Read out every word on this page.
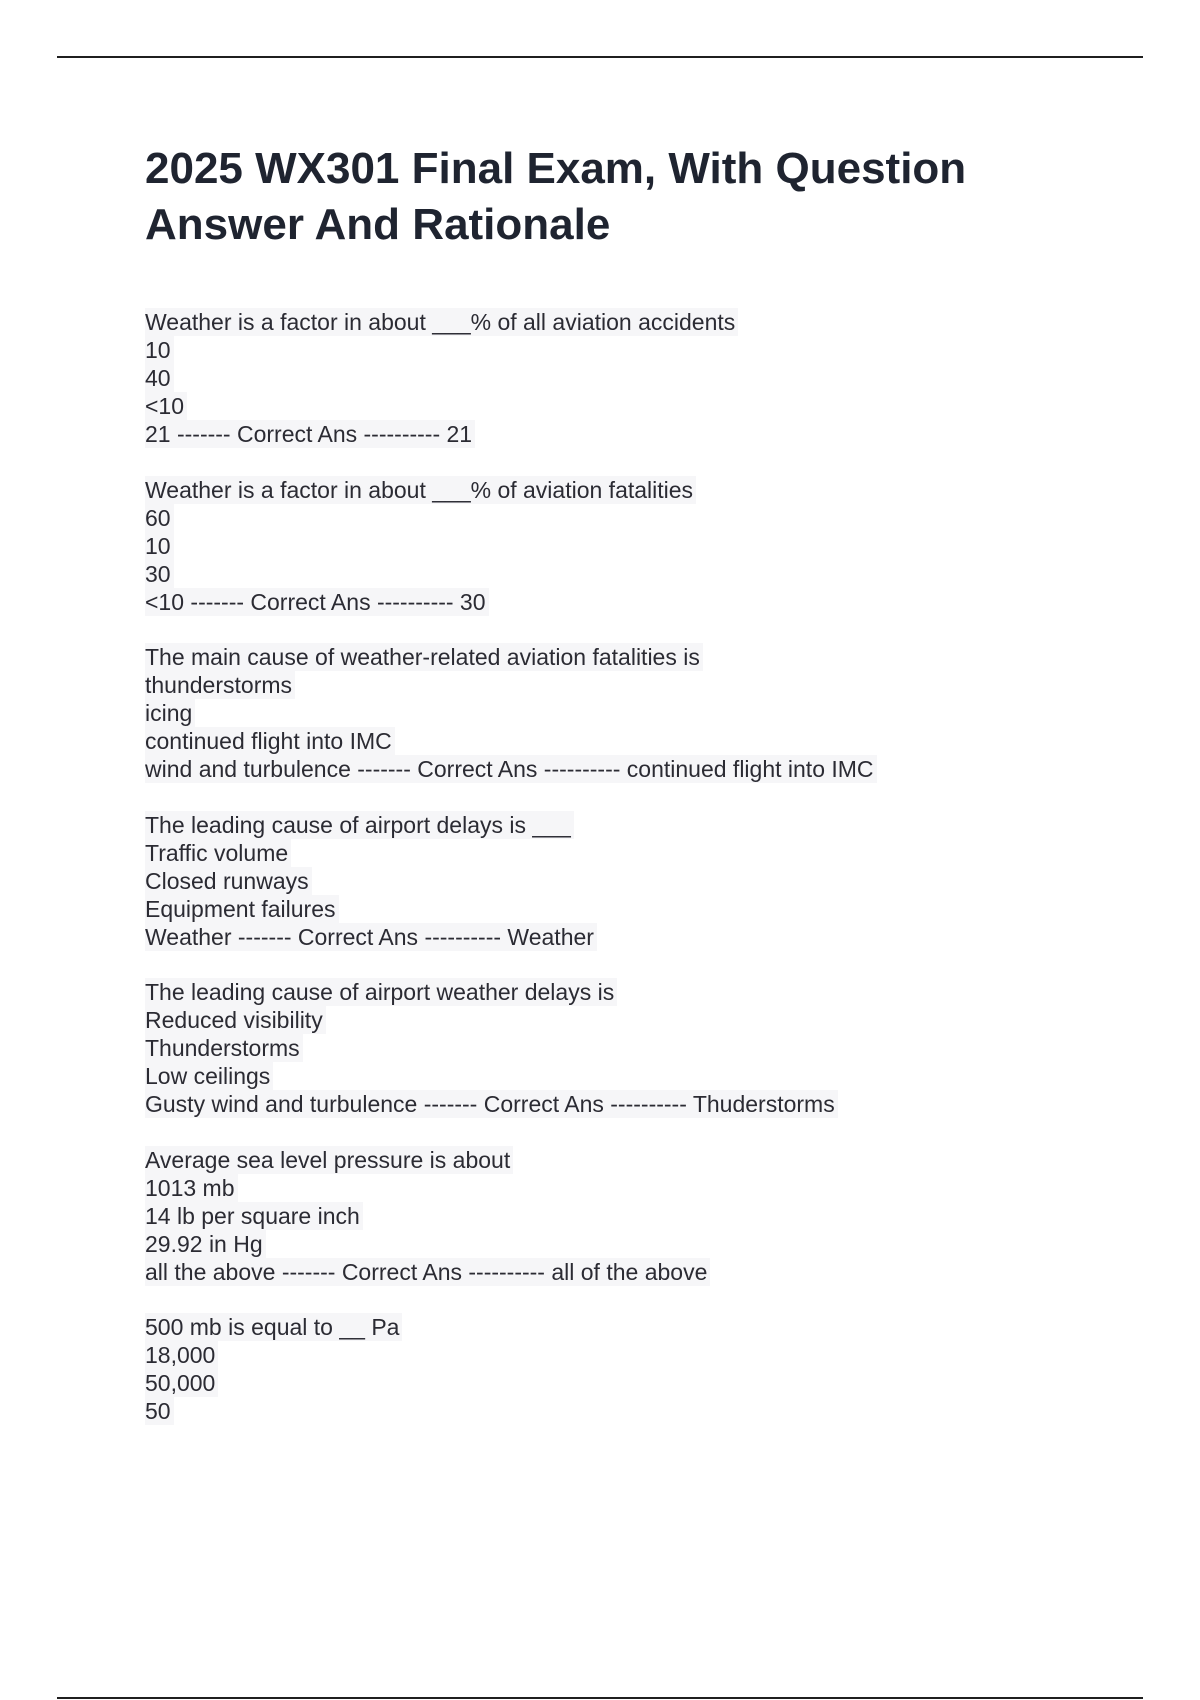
2025 WX301 Final Exam, With Question Answer And Rationale
Weather is a factor in about ___% of all aviation accidents
10
40
<10
21 ------- Correct Ans ---------- 21
Weather is a factor in about ___% of aviation fatalities
60
10
30
<10 ------- Correct Ans ---------- 30
The main cause of weather-related aviation fatalities is
thunderstorms
icing
continued flight into IMC
wind and turbulence ------- Correct Ans ---------- continued flight into IMC
The leading cause of airport delays is ___
Traffic volume
Closed runways
Equipment failures
Weather ------- Correct Ans ---------- Weather
The leading cause of airport weather delays is
Reduced visibility
Thunderstorms
Low ceilings
Gusty wind and turbulence ------- Correct Ans ---------- Thuderstorms
Average sea level pressure is about
1013 mb
14 lb per square inch
29.92 in Hg
all the above ------- Correct Ans ---------- all of the above
500 mb is equal to __ Pa
18,000
50,000
50
